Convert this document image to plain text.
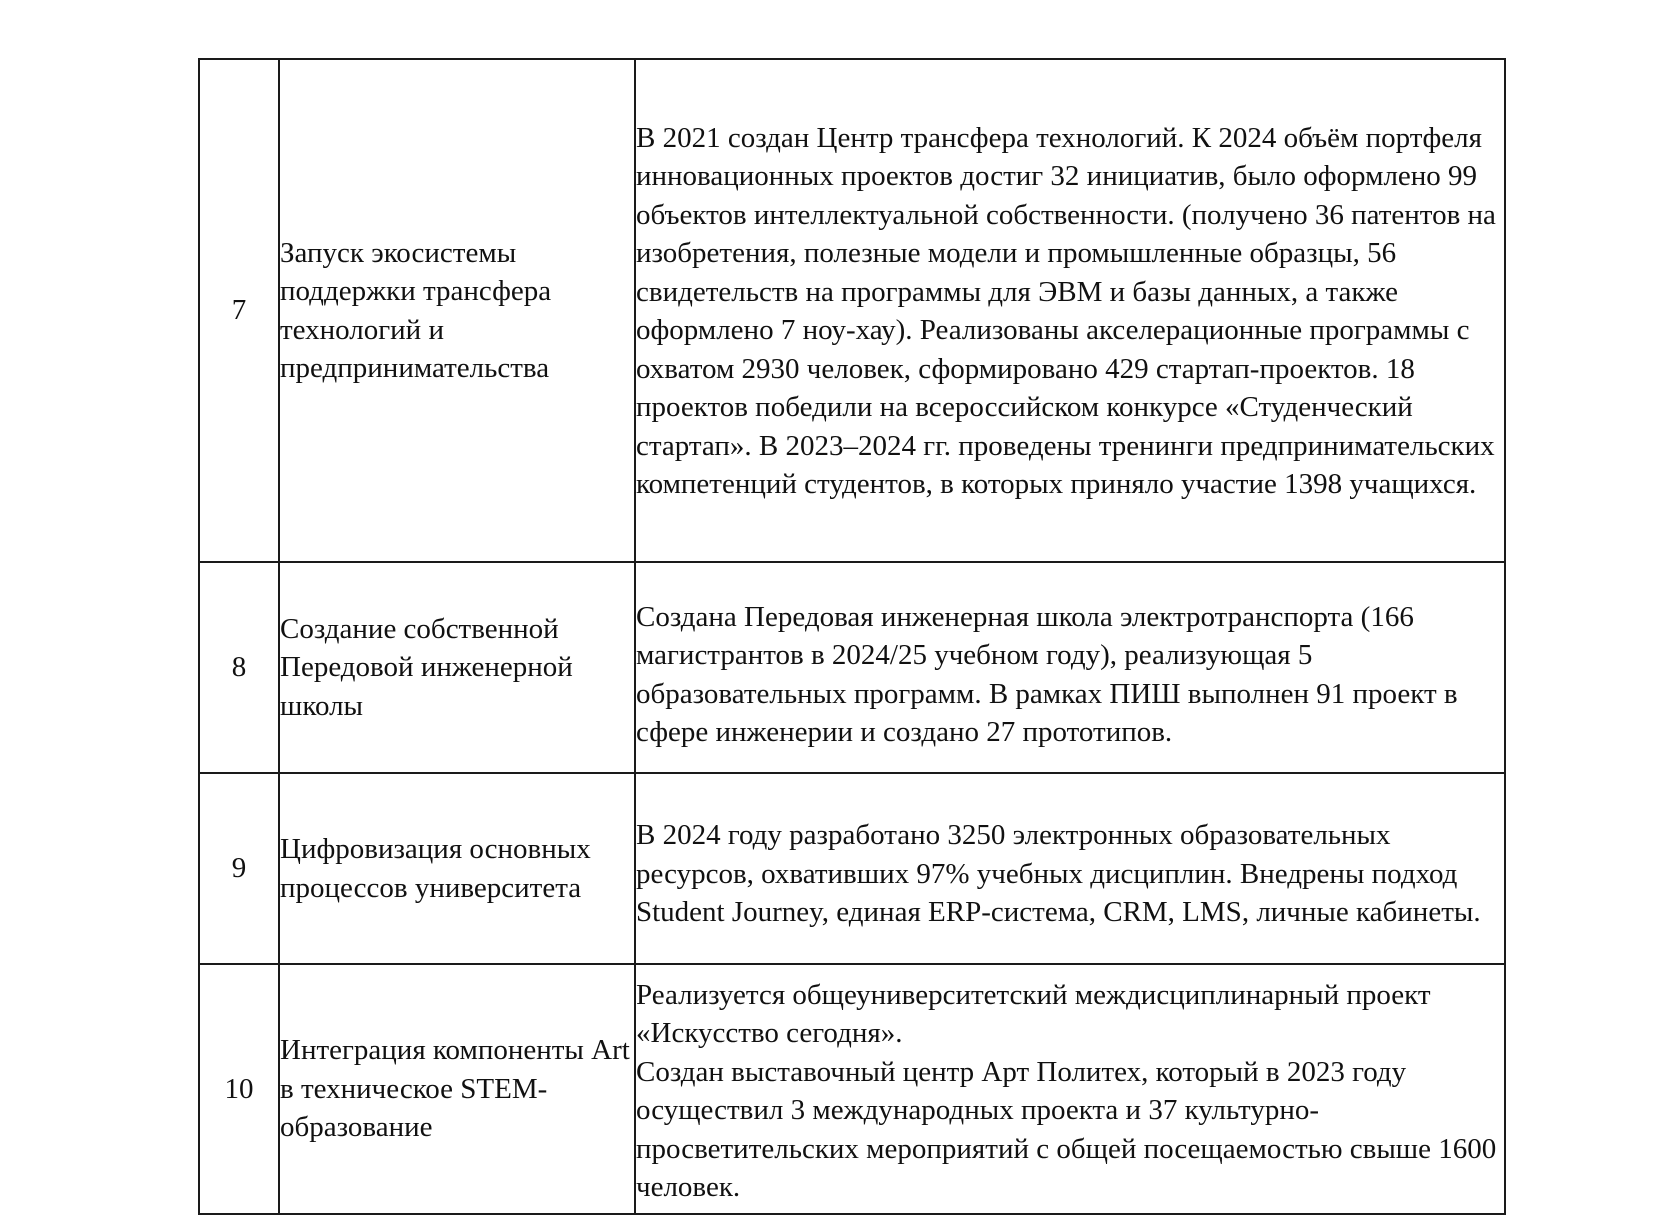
7	Запуск экосистемы поддержки трансфера технологий и предпринимательства	В 2021 создан Центр трансфера технологий. К 2024 объём портфеля инновационных проектов достиг 32 инициатив, было оформлено 99 объектов интеллектуальной собственности. (получено 36 патентов на изобретения, полезные модели и промышленные образцы, 56 свидетельств на программы для ЭВМ и базы данных, а также оформлено 7 ноу-хау). Реализованы акселерационные программы с охватом 2930 человек, сформировано 429 стартап-проектов. 18 проектов победили на всероссийском конкурсе «Студенческий стартап». В 2023–2024 гг. проведены тренинги предпринимательских компетенций студентов, в которых приняло участие 1398 учащихся.

8	Создание собственной Передовой инженерной школы	Создана Передовая инженерная школа электротранспорта (166 магистрантов в 2024/25 учебном году), реализующая 5 образовательных программ. В рамках ПИШ выполнен 91 проект в сфере инженерии и создано 27 прототипов.

9	Цифровизация основных процессов университета	В 2024 году разработано 3250 электронных образовательных ресурсов, охвативших 97% учебных дисциплин. Внедрены подход Student Journey, единая ERP-система, CRM, LMS, личные кабинеты.

10	Интеграция компоненты Art в техническое STEM-образование	Реализуется общеуниверситетский междисциплинарный проект «Искусство сегодня».
Создан выставочный центр Арт Политех, который в 2023 году осуществил 3 международных проекта и 37 культурно-просветительских мероприятий с общей посещаемостью свыше 1600 человек.
